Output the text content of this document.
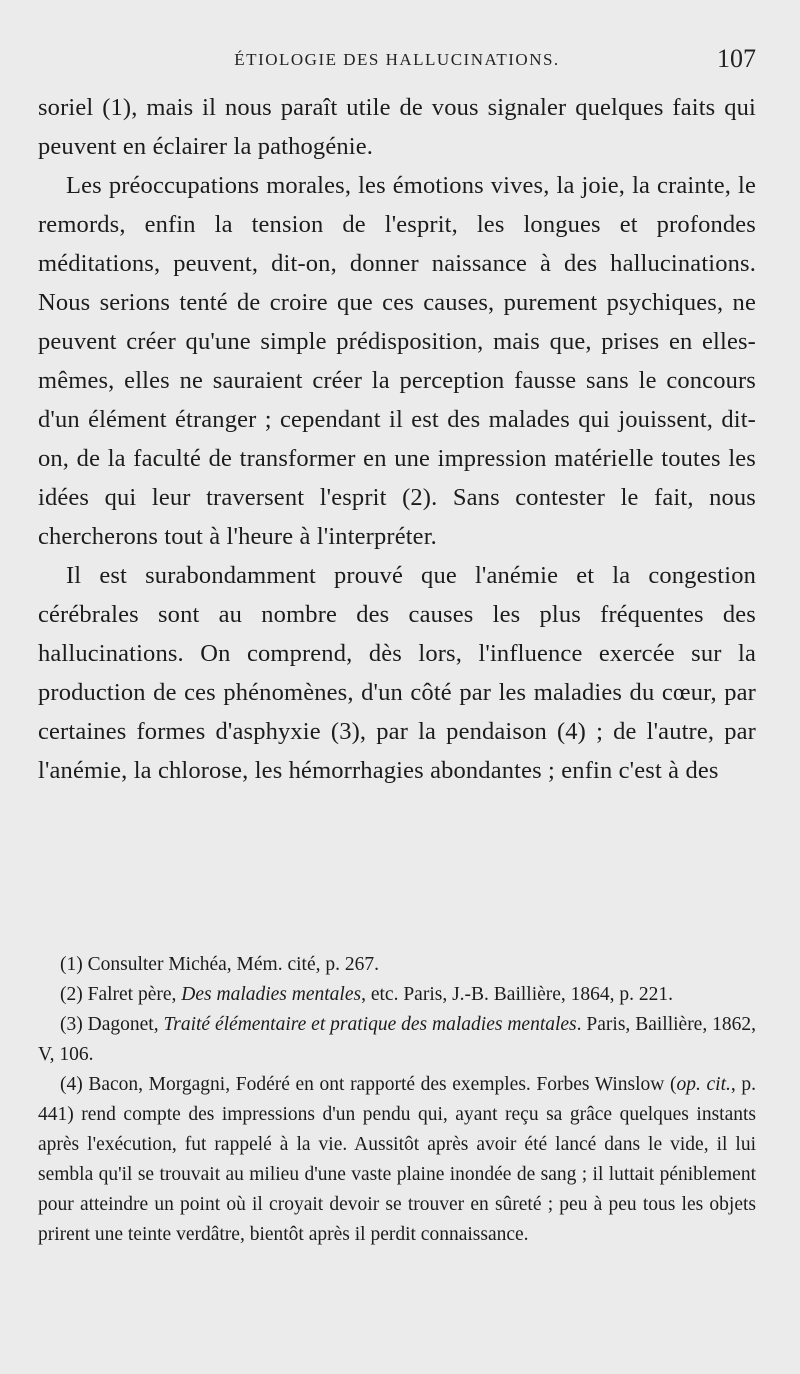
ÉTIOLOGIE DES HALLUCINATIONS.	107

soriel (1), mais il nous paraît utile de vous signaler quelques faits qui peuvent en éclairer la pathogénie.

Les préoccupations morales, les émotions vives, la joie, la crainte, le remords, enfin la tension de l'esprit, les longues et profondes méditations, peuvent, dit-on, donner naissance à des hallucinations. Nous serions tenté de croire que ces causes, purement psychiques, ne peuvent créer qu'une simple prédisposition, mais que, prises en elles-mêmes, elles ne sauraient créer la perception fausse sans le concours d'un élément étranger ; cependant il est des malades qui jouissent, dit-on, de la faculté de transformer en une impression matérielle toutes les idées qui leur traversent l'esprit (2). Sans contester le fait, nous chercherons tout à l'heure à l'interpréter.

Il est surabondamment prouvé que l'anémie et la congestion cérébrales sont au nombre des causes les plus fréquentes des hallucinations. On comprend, dès lors, l'influence exercée sur la production de ces phénomènes, d'un côté par les maladies du cœur, par certaines formes d'asphyxie (3), par la pendaison (4) ; de l'autre, par l'anémie, la chlorose, les hémorrhagies abondantes ; enfin c'est à des

(1) Consulter Michéa, Mém. cité, p. 267.

(2) Falret père, Des maladies mentales, etc. Paris, J.-B. Baillière, 1864, p. 221.

(3) Dagonet, Traité élémentaire et pratique des maladies mentales. Paris, Baillière, 1862, V, 106.

(4) Bacon, Morgagni, Fodéré en ont rapporté des exemples. Forbes Winslow (op. cit., p. 441) rend compte des impressions d'un pendu qui, ayant reçu sa grâce quelques instants après l'exécution, fut rappelé à la vie. Aussitôt après avoir été lancé dans le vide, il lui sembla qu'il se trouvait au milieu d'une vaste plaine inondée de sang ; il luttait péniblement pour atteindre un point où il croyait devoir se trouver en sûreté ; peu à peu tous les objets prirent une teinte verdâtre, bientôt après il perdit connaissance.
